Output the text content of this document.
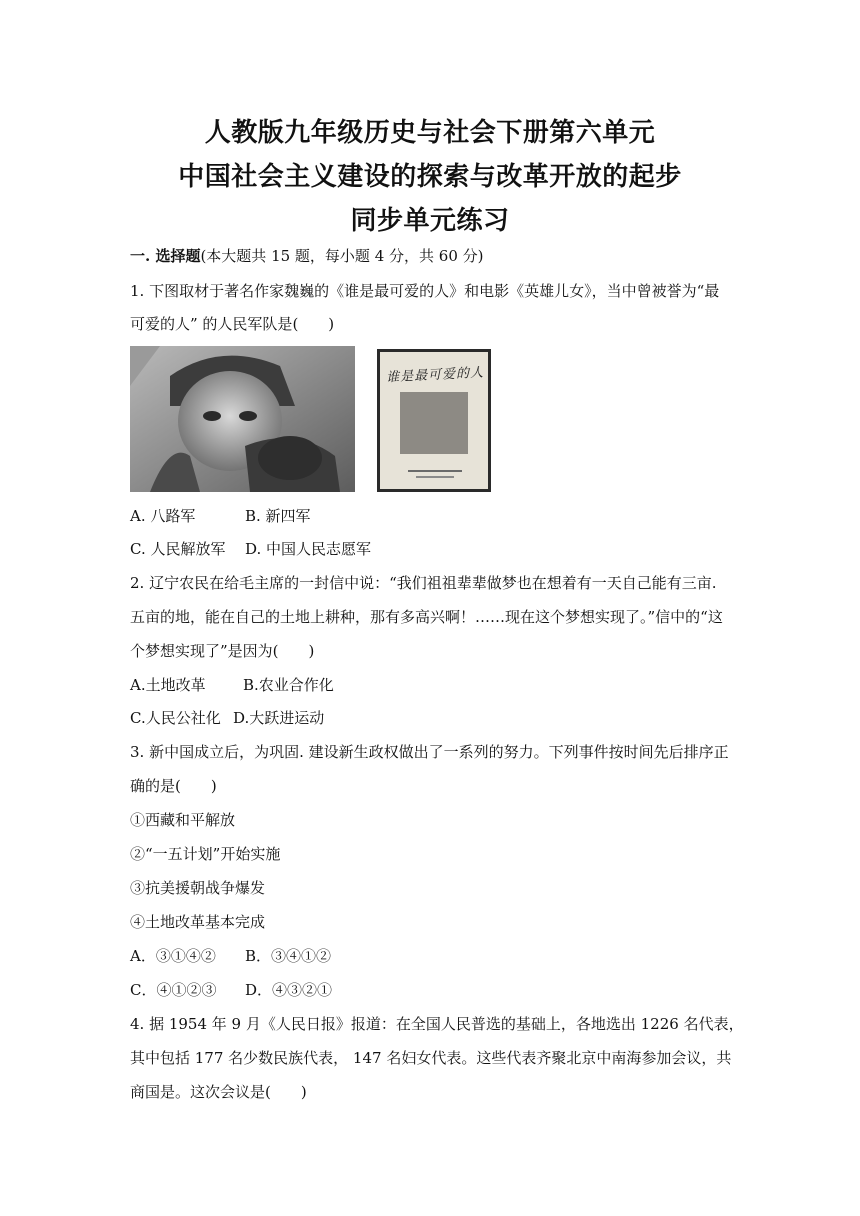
人教版九年级历史与社会下册第六单元
中国社会主义建设的探索与改革开放的起步
同步单元练习
一. 选择题(本大题共 15 题，每小题 4 分，共 60 分)
1. 下图取材于著名作家魏巍的《谁是最可爱的人》和电影《英雄儿女》，当中曾被誉为“最
可爱的人” 的人民军队是(　　)
谁是最可爱的人
A. 八路军	B. 新四军
C. 人民解放军 D. 中国人民志愿军
2. 辽宁农民在给毛主席的一封信中说：“我们祖祖辈辈做梦也在想着有一天自己能有三亩.
五亩的地，能在自己的土地上耕种，那有多高兴啊！……现在这个梦想实现了。”信中的“这
个梦想实现了”是因为(　　)
A.土地改革 B.农业合作化
C.人民公社化 D.大跃进运动
3. 新中国成立后，为巩固. 建设新生政权做出了一系列的努力。下列事件按时间先后排序正
确的是(　　)
①西藏和平解放
②“一五计划”开始实施
③抗美援朝战争爆发
④土地改革基本完成
A．③①④② B．③④①②
C．④①②③ D．④③②①
4. 据 1954 年 9 月《人民日报》报道：在全国人民普选的基础上，各地选出 1226 名代表，
其中包括 177 名少数民族代表， 147 名妇女代表。这些代表齐聚北京中南海参加会议，共
商国是。这次会议是(　　)
